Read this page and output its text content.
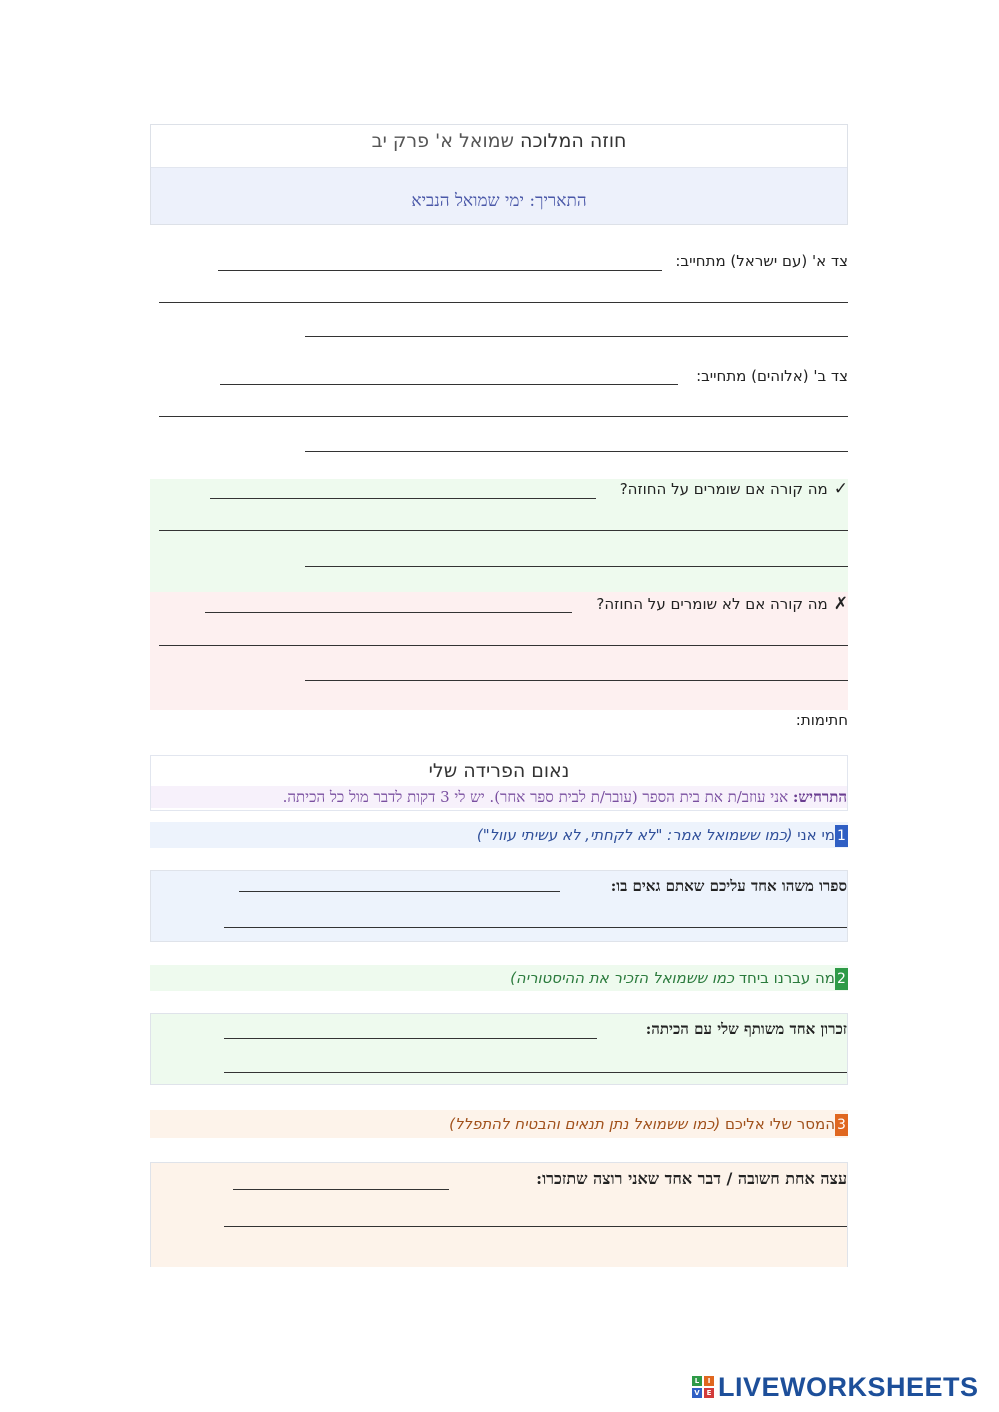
חוזה המלוכה שמואל א' פרק יב
התאריך: ימי שמואל הנביא
צד א' (עם ישראל) מתחייב:
צד ב' (אלוהים) מתחייב:
✓מה קורה אם שומרים על החוזה?
✗מה קורה אם לא שומרים על החוזה?
חתימות:
נאום הפרידה שלי
התרחיש: אני עוזב/ת את בית הספר (עובר/ת לבית ספר אחר). יש לי 3 דקות לדבר מול כל הכיתה.
1מי אני (כמו ששמואל אמר: "לא לקחתי, לא עשיתי עוול")
ספרו משהו אחד עליכם שאתם גאים בו:
2מה עברנו ביחד כמו ששמואל הזכיר את ההיסטוריה)
זכרון אחד משותף שלי עם הכיתה:
3המסר שלי אליכם (כמו ששמואל נתן תנאים והבטיח להתפלל)
עצה אחת חשובה / דבר אחד שאני רוצה שתזכרו:
L	I
V E LIVEWORKSHEETS
